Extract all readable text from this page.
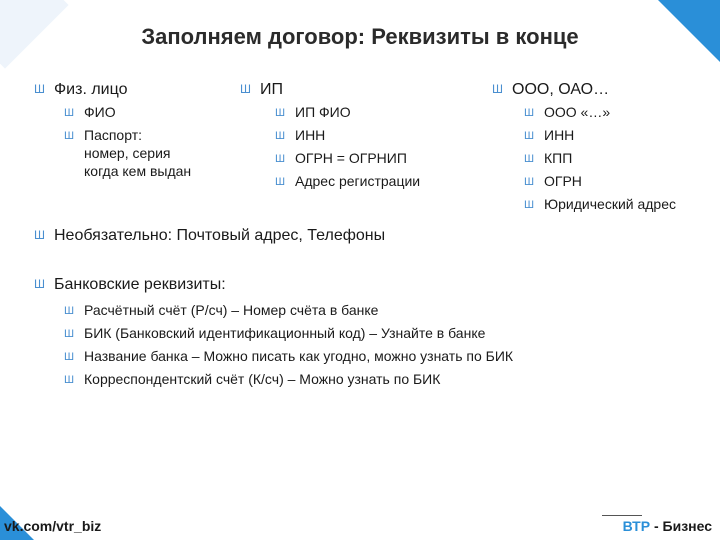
Заполняем договор: Реквизиты в конце
Ш Физ. лицо
Ш ФИО
Ш Паспорт:
номер, серия
когда кем выдан
Ш ИП
Ш ИП ФИО
Ш ИНН
Ш ОГРН = ОГРНИП
Ш Адрес регистрации
Ш ООО, ОАО…
Ш ООО «…»
Ш ИНН
Ш КПП
Ш ОГРН
Ш Юридический адрес
Ш Необязательно: Почтовый адрес, Телефоны
Ш Банковские реквизиты:
Ш Расчётный счёт (Р/сч) – Номер счёта в банке
Ш БИК (Банковский идентификационный код) – Узнайте в банке
Ш Название банка – Можно писать как угодно, можно узнать по БИК
Ш Корреспондентский счёт (К/сч) – Можно узнать по БИК
vk.com/vtr_biz	ВТР - Бизнес
